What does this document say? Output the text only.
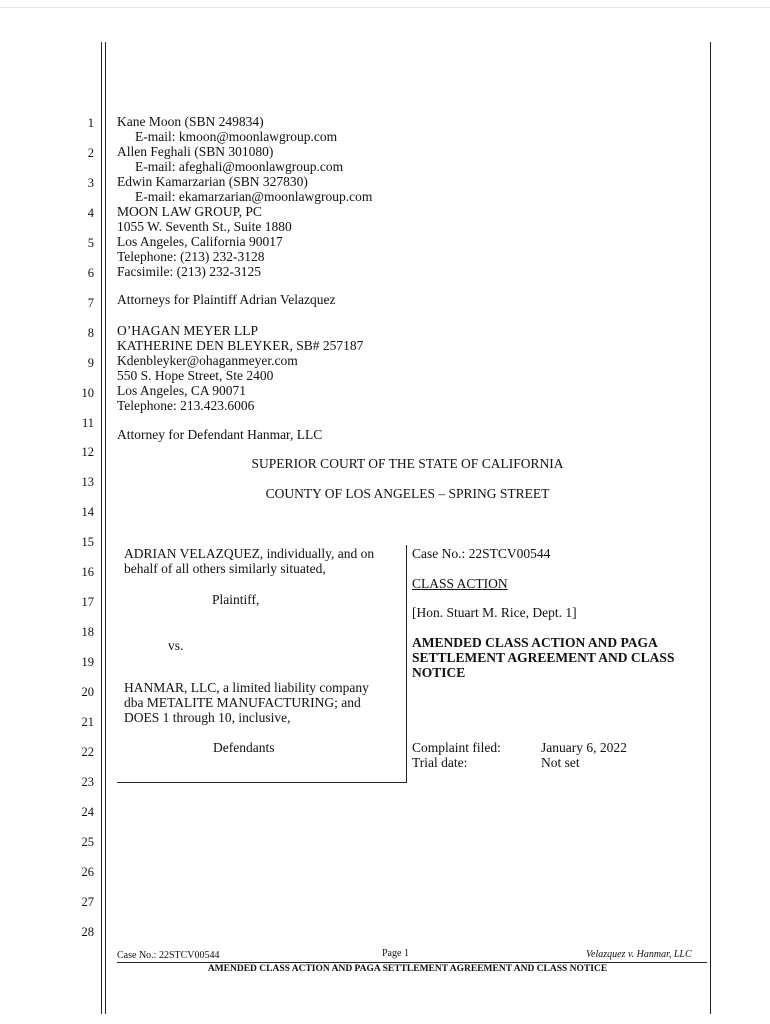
1
2
3
4
5
6
7
8
9
10
11
12
13
14
15
16
17
18
19
20
21
22
23
24
25
26
27
28
Kane Moon (SBN 249834)
E-mail: kmoon@moonlawgroup.com
Allen Feghali (SBN 301080)
E-mail: afeghali@moonlawgroup.com
Edwin Kamarzarian (SBN 327830)
E-mail: ekamarzarian@moonlawgroup.com
MOON LAW GROUP, PC
1055 W. Seventh St., Suite 1880
Los Angeles, California 90017
Telephone: (213) 232-3128
Facsimile: (213) 232-3125
Attorneys for Plaintiff Adrian Velazquez
O’HAGAN MEYER LLP
KATHERINE DEN BLEYKER, SB# 257187
Kdenbleyker@ohaganmeyer.com
550 S. Hope Street, Ste 2400
Los Angeles, CA 90071
Telephone: 213.423.6006
Attorney for Defendant Hanmar, LLC
SUPERIOR COURT OF THE STATE OF CALIFORNIA
COUNTY OF LOS ANGELES – SPRING STREET
ADRIAN VELAZQUEZ, individually, and on
behalf of all others similarly situated,
Plaintiff,
vs.
HANMAR, LLC, a limited liability company
dba METALITE MANUFACTURING; and
DOES 1 through 10, inclusive,
Defendants
Case No.: 22STCV00544
CLASS ACTION
[Hon. Stuart M. Rice, Dept. 1]
AMENDED CLASS ACTION AND PAGA
SETTLEMENT AGREEMENT AND CLASS
NOTICE
Complaint filed:	January 6, 2022
Trial date:	Not set
Case No.: 22STCV00544	Page 1	Velazquez v. Hanmar, LLC
AMENDED CLASS ACTION AND PAGA SETTLEMENT AGREEMENT AND CLASS NOTICE
